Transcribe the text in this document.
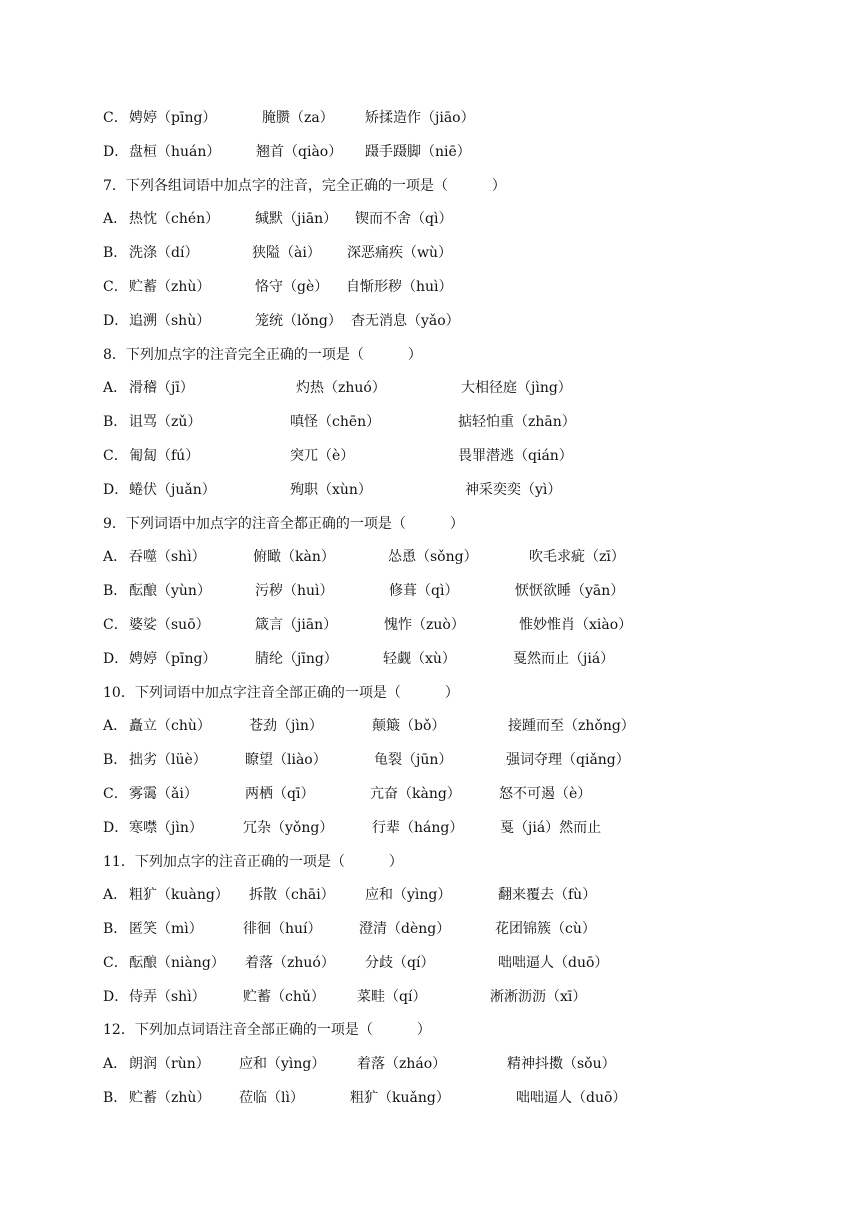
C． 娉婷（pīng）	腌臜（za） 矫揉造作（jiāo）
D． 盘桓（huán）	翘首（qiào） 蹑手蹑脚（niē）
7．下列各组词语中加点字的注音，完全正确的一项是（	）
A． 热忱（chén）	缄默（jiān） 锲而不舍（qì）
B． 洗涤（dí）	狭隘（ài） 深恶痛疾（wù）
C． 贮蓄（zhù）	恪守（gè） 自惭形秽（huì）
D． 追溯（shù）	笼统（lǒng） 杳无消息（yǎo）
8．下列加点字的注音完全正确的一项是（	）
A． 滑稽（jī）	灼热（zhuó）	大相径庭（jìng）
B． 诅骂（zǔ）	嗔怪（chēn）	掂轻怕重（zhān）
C． 匍匐（fú）	突兀（è）	畏罪潜逃（qián）
D． 蜷伏（juǎn）	殉职（xùn）	神采奕奕（yì）
9．下列词语中加点字的注音全都正确的一项是（	）
A． 吞噬（shì）	俯瞰（kàn）	怂恿（sǒng）	吹毛求疵（zī）
B． 酝酿（yùn）	污秽（huì）	修葺（qì）	恹恹欲睡（yān）
C． 婆娑（suō）	箴言（jiān）	愧怍（zuò）	惟妙惟肖（xiào）
D． 娉婷（pīng）	腈纶（jīng）	轻觑（xù）	戛然而止（jiá）
10．下列词语中加点字注音全部正确的一项是（	）
A． 矗立（chù）	苍劲（jìn）	颠簸（bǒ）	接踵而至（zhǒng）
B． 拙劣（lüè）	瞭望（liào）	龟裂（jūn）	强词夺理（qiǎng）
C． 雾霭（ǎi）	两栖（qī）	亢奋（kàng）	怒不可遏（è）
D． 寒噤（jìn）	冗杂（yǒng）	行辈（háng）	戛（jiá）然而止
11．下列加点字的注音正确的一项是（	）
A． 粗犷（kuàng） 拆散（chāi） 应和（yìng）	翻来覆去（fù）
B． 匿笑（mì）	徘徊（huí）	澄清（dèng）	花团锦簇（cù）
C． 酝酿（niàng） 着落（zhuó） 分歧（qí）	咄咄逼人（duō）
D． 侍弄（shì）	贮蓄（chǔ） 菜畦（qí）	淅淅沥沥（xī）
12．下列加点词语注音全部正确的一项是（	）
A． 朗润（rùn） 应和（yìng） 着落（zháo）	精神抖擞（sǒu）
B． 贮蓄（zhù） 莅临（lì）	粗犷（kuǎng）	咄咄逼人（duō）
